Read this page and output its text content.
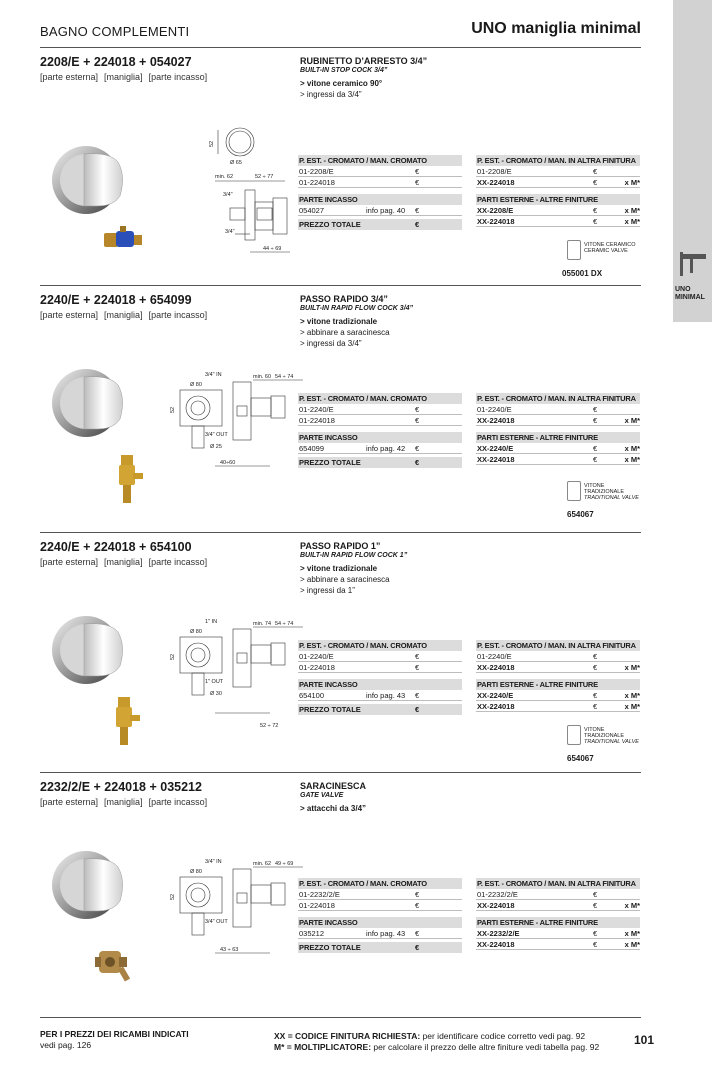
BAGNO COMPLEMENTI	UNO maniglia minimal
UNO
MINIMAL
2208/E + 224018 + 054027
[parte esterna] [maniglia] [parte incasso]
RUBINETTO D’ARRESTO 3/4”
BUILT-IN STOP COCK 3/4”
> vitone ceramico 90°
> ingressi da 3/4”
52
Ø 65
min. 62	52 ÷ 77
3/4"
3/4"
44 ÷ 69
P. EST. - CROMATO / MAN. CROMATO
01-2208/E	€
01-224018	€
PARTE INCASSO
054027	info pag. 40 €
PREZZO TOTALE	€
P. EST. - CROMATO / MAN. IN ALTRA FINITURA
01-2208/E	€
XX-224018	€	x M*
PARTI ESTERNE - ALTRE FINITURE
XX-2208/E	€	x M*
XX-224018	€	x M*
VITONE CERAMICO
CERAMIC VALVE
055001 DX
2240/E + 224018 + 654099
[parte esterna] [maniglia] [parte incasso]
PASSO RAPIDO 3/4”
BUILT-IN RAPID FLOW COCK 3/4”
> vitone tradizionale
> abbinare a saracinesca
> ingressi da 3/4”
3/4" IN	min. 60 54 ÷ 74
Ø 80
52
3/4" OUT
Ø 25
40÷60
P. EST. - CROMATO / MAN. CROMATO
01-2240/E	€
01-224018	€
PARTE INCASSO
654099	info pag. 42 €
PREZZO TOTALE	€
P. EST. - CROMATO / MAN. IN ALTRA FINITURA
01-2240/E	€
XX-224018	€	x M*
PARTI ESTERNE - ALTRE FINITURE
XX-2240/E	€	x M*
XX-224018	€	x M*
VITONE
TRADIZIONALE
TRADITIONAL VALVE
654067
2240/E + 224018 + 654100
[parte esterna] [maniglia] [parte incasso]
PASSO RAPIDO 1”
BUILT-IN RAPID FLOW COCK 1”
> vitone tradizionale
> abbinare a saracinesca
> ingressi da 1”
1" IN	min. 74 54 ÷ 74
Ø 80
52
1" OUT
Ø 30
52 ÷ 72
P. EST. - CROMATO / MAN. CROMATO
01-2240/E	€
01-224018	€
PARTE INCASSO
654100	info pag. 43 €
PREZZO TOTALE	€
P. EST. - CROMATO / MAN. IN ALTRA FINITURA
01-2240/E	€
XX-224018	€	x M*
PARTI ESTERNE - ALTRE FINITURE
XX-2240/E	€	x M*
XX-224018	€	x M*
VITONE
TRADIZIONALE
TRADITIONAL VALVE
654067
2232/2/E + 224018 + 035212
[parte esterna] [maniglia] [parte incasso]
SARACINESCA
GATE VALVE
> attacchi da 3/4”
3/4" IN	min. 62 49 ÷ 69
Ø 80
52
3/4" OUT
43 ÷ 63
P. EST. - CROMATO / MAN. CROMATO
01-2232/2/E	€
01-224018	€
PARTE INCASSO
035212	info pag. 43 €
PREZZO TOTALE	€
P. EST. - CROMATO / MAN. IN ALTRA FINITURA
01-2232/2/E	€
XX-224018	€	x M*
PARTI ESTERNE - ALTRE FINITURE
XX-2232/2/E	€	x M*
XX-224018	€	x M*
PER I PREZZI DEI RICAMBI INDICATI
vedi pag. 126
XX = CODICE FINITURA RICHIESTA: per identificare codice corretto vedi pag. 92
M* = MOLTIPLICATORE: per calcolare il prezzo delle altre finiture vedi tabella pag. 92	101
